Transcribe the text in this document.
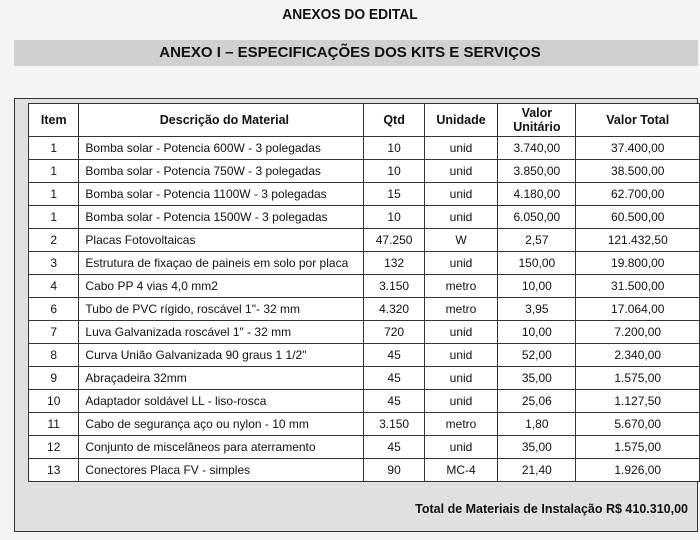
ANEXOS DO EDITAL
ANEXO I – ESPECIFICAÇÕES DOS KITS E SERVIÇOS
Item	Descrição do Material	Qtd	Unidade	Valor Unitário	Valor Total
1	Bomba solar - Potencia 600W - 3 polegadas	10	unid	3.740,00	37.400,00
1	Bomba solar - Potencia 750W - 3 polegadas	10	unid	3.850,00	38.500,00
1	Bomba solar - Potencia 1100W - 3 polegadas	15	unid	4.180,00	62.700,00
1	Bomba solar - Potencia 1500W - 3 polegadas	10	unid	6.050,00	60.500,00
2	Placas Fotovoltaicas	47.250	W	2,57	121.432,50
3	Estrutura de fixaçao de paineis em solo por placa	132	unid	150,00	19.800,00
4	Cabo PP 4 vias 4,0 mm2	3.150	metro	10,00	31.500,00
6	Tubo de PVC rígido, roscável 1"- 32 mm	4.320	metro	3,95	17.064,00
7	Luva Galvanizada roscável 1" - 32 mm	720	unid	10,00	7.200,00
8	Curva União Galvanizada 90 graus 1 1/2"	45	unid	52,00	2.340,00
9	Abraçadeira 32mm	45	unid	35,00	1.575,00
10	Adaptador soldável LL - liso-rosca	45	unid	25,06	1.127,50
11	Cabo de segurança aço ou nylon - 10 mm	3.150	metro	1,80	5.670,00
12	Conjunto de miscelâneos para aterramento	45	unid	35,00	1.575,00
13	Conectores Placa FV - simples	90	MC-4	21,40	1.926,00
Total de Materiais de Instalação R$ 410.310,00
